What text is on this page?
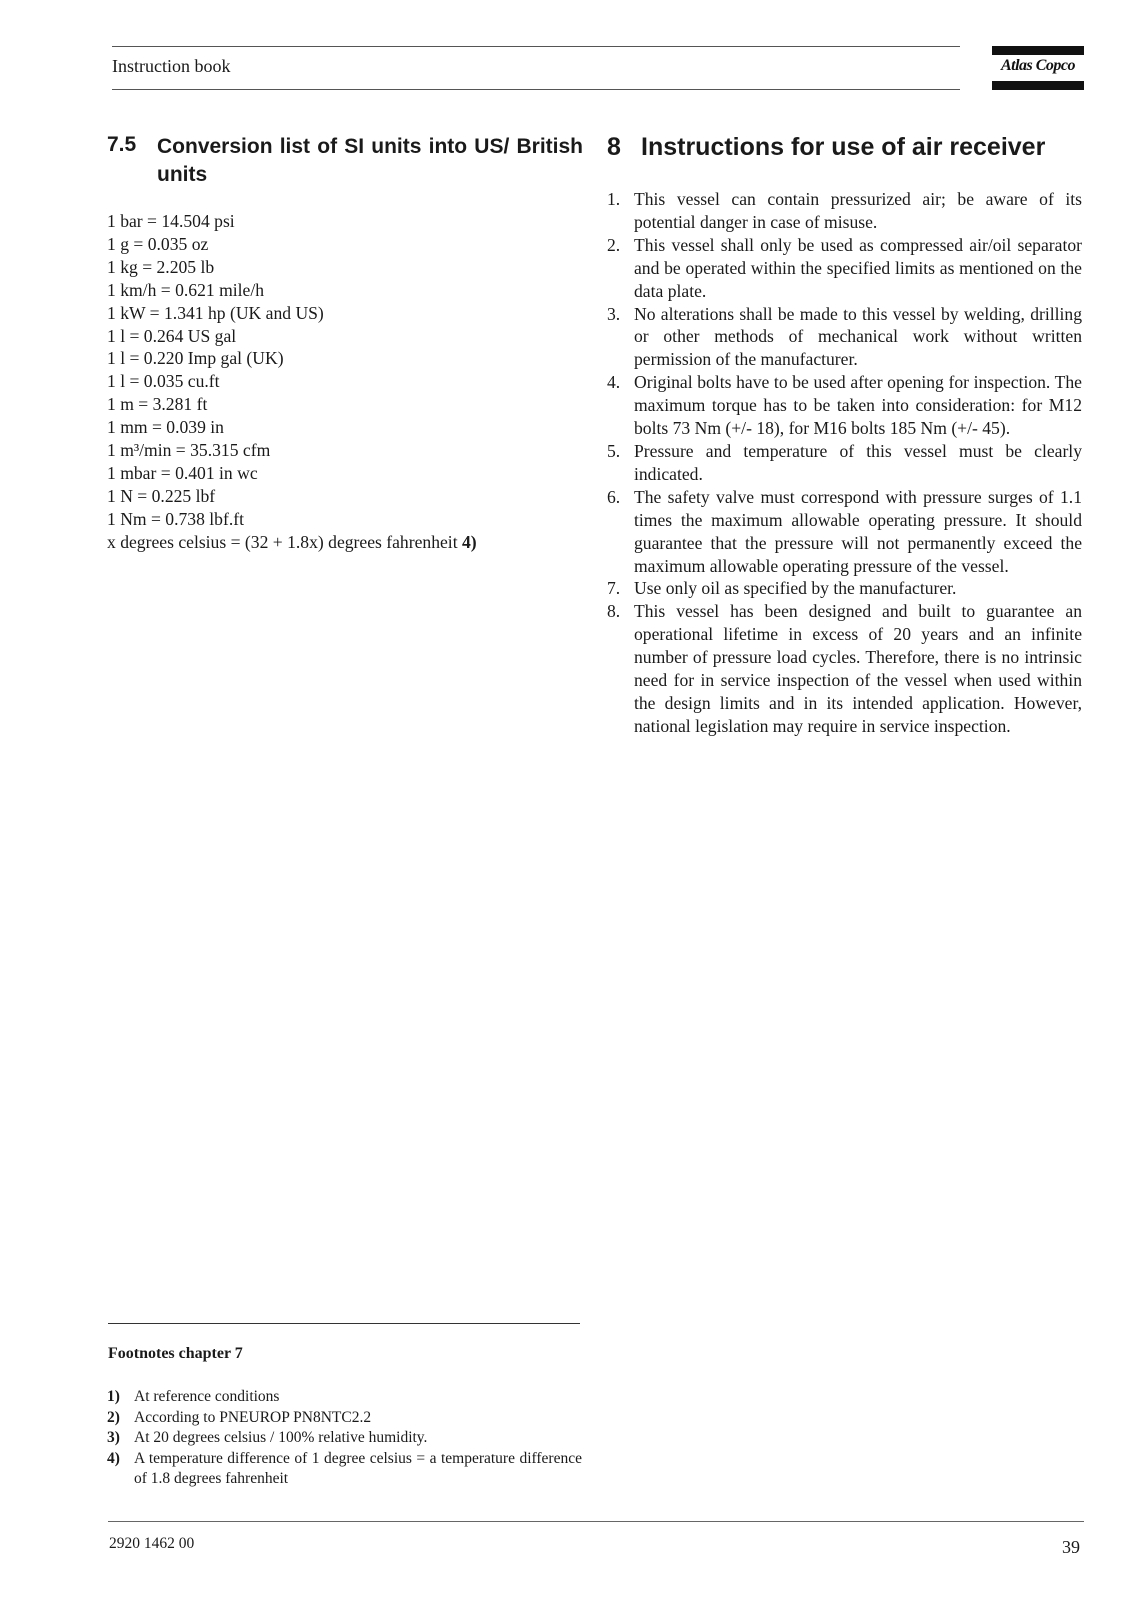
Instruction book	Atlas Copco
7.5 Conversion list of SI units into US/ British units
1 bar = 14.504 psi
1 g = 0.035 oz
1 kg = 2.205 lb
1 km/h = 0.621 mile/h
1 kW = 1.341 hp (UK and US)
1 l = 0.264 US gal
1 l = 0.220 Imp gal (UK)
1 l = 0.035 cu.ft
1 m = 3.281 ft
1 mm = 0.039 in
1 m³/min = 35.315 cfm
1 mbar = 0.401 in wc
1 N = 0.225 lbf
1 Nm = 0.738 lbf.ft
x degrees celsius = (32 + 1.8x) degrees fahrenheit 4)
8 Instructions for use of air receiver
1. This vessel can contain pressurized air; be aware of its potential danger in case of misuse.
2. This vessel shall only be used as compressed air/oil separator and be operated within the specified limits as mentioned on the data plate.
3. No alterations shall be made to this vessel by welding, drilling or other methods of mechanical work without written permission of the manufacturer.
4. Original bolts have to be used after opening for inspection. The maximum torque has to be taken into consideration: for M12 bolts 73 Nm (+/- 18), for M16 bolts 185 Nm (+/- 45).
5. Pressure and temperature of this vessel must be clearly indicated.
6. The safety valve must correspond with pressure surges of 1.1 times the maximum allowable operating pressure. It should guarantee that the pressure will not permanently exceed the maximum allowable operating pressure of the vessel.
7. Use only oil as specified by the manufacturer.
8. This vessel has been designed and built to guarantee an operational lifetime in excess of 20 years and an infinite number of pressure load cycles. Therefore, there is no intrinsic need for in service inspection of the vessel when used within the design limits and in its intended application. However, national legislation may require in service inspection.
Footnotes chapter 7
1) At reference conditions
2) According to PNEUROP PN8NTC2.2
3) At 20 degrees celsius / 100% relative humidity.
4) A temperature difference of 1 degree celsius = a temperature difference of 1.8 degrees fahrenheit
2920 1462 00	39
